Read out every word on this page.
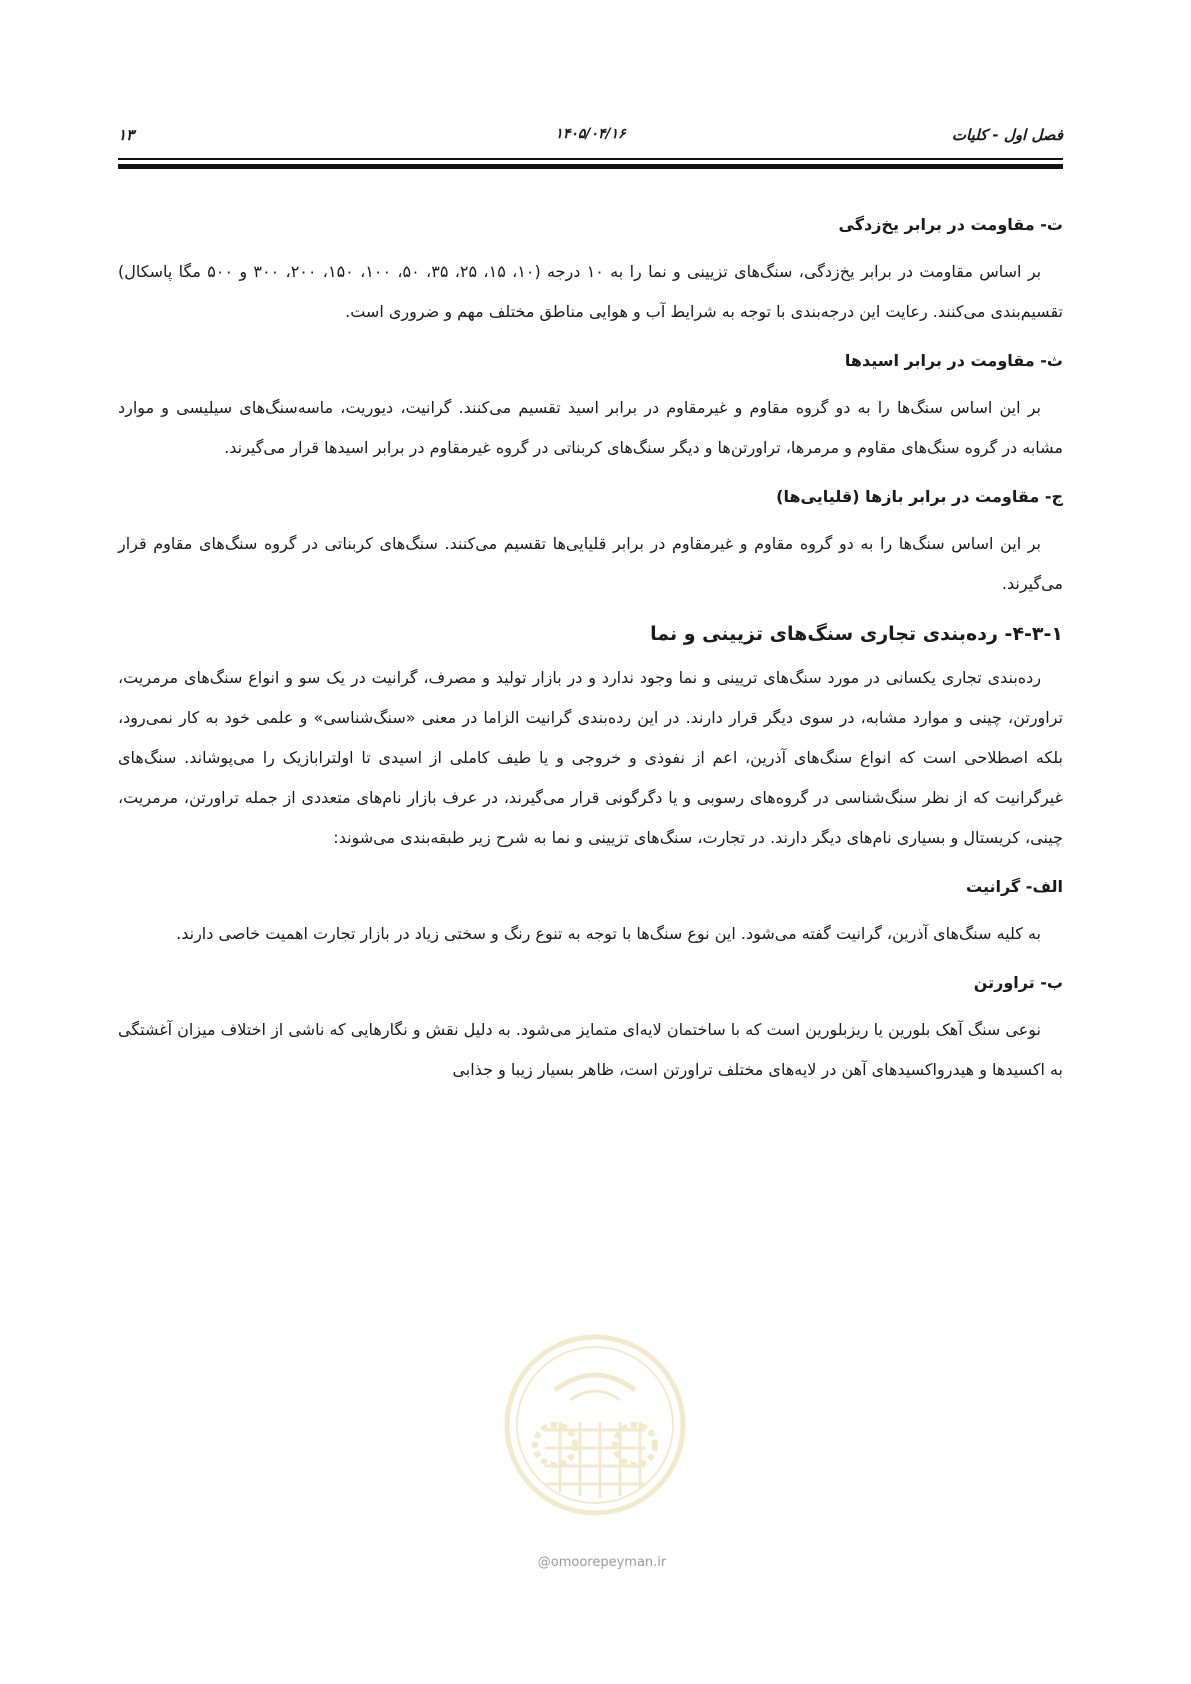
فصل اول - کلیات
۱۴۰۵/۰۴/۱۶
۱۳
ت- مقاومت در برابر یخ‌زدگی

بر اساس مقاومت در برابر یخ‌زدگی، سنگ‌های تزیینی و نما را به ۱۰ درجه (۱۰، ۱۵، ۲۵، ۳۵، ۵۰، ۱۰۰، ۱۵۰، ۲۰۰، ۳۰۰ و ۵۰۰ مگا پاسکال) تقسیم‌بندی می‌کنند. رعایت این درجه‌بندی با توجه به شرایط آب و هوایی مناطق مختلف مهم و ضروری است.

ث- مقاومت در برابر اسیدها

بر این اساس سنگ‌ها را به دو گروه مقاوم و غیرمقاوم در برابر اسید تقسیم می‌کنند. گرانیت، دیوریت، ماسه‌سنگ‌های سیلیسی و موارد مشابه در گروه سنگ‌های مقاوم و مرمرها، تراورتن‌ها و دیگر سنگ‌های کربناتی در گروه غیرمقاوم در برابر اسیدها قرار می‌گیرند.

ج- مقاومت در برابر بازها (قلیایی‌ها)

بر این اساس سنگ‌ها را به دو گروه مقاوم و غیرمقاوم در برابر قلیایی‌ها تقسیم می‌کنند. سنگ‌های کربناتی در گروه سنگ‌های مقاوم قرار می‌گیرند.

۴-۳-۱- رده‌بندی تجاری سنگ‌های تزیینی و نما

رده‌بندی تجاری یکسانی در مورد سنگ‌های تریینی و نما وجود ندارد و در بازار تولید و مصرف، گرانیت در یک سو و انواع سنگ‌های مرمریت، تراورتن، چینی و موارد مشابه، در سوی دیگر قرار دارند. در این رده‌بندی گرانیت الزاما در معنی «سنگ‌شناسی» و علمی خود به کار نمی‌رود، بلکه اصطلاحی است که انواع سنگ‌های آذرین، اعم از نفوذی و خروجی و یا طیف کاملی از اسیدی تا اولترابازیک را می‌پوشاند. سنگ‌های غیرگرانیت که از نظر سنگ‌شناسی در گروه‌های رسوبی و یا دگرگونی قرار می‌گیرند، در عرف بازار نام‌های متعددی از جمله تراورتن، مرمریت، چینی، کریستال و بسیاری نام‌های دیگر دارند. در تجارت، سنگ‌های تزیینی و نما به شرح زیر طبقه‌بندی می‌شوند:

الف- گرانیت

به کلیه سنگ‌های آذرین، گرانیت گفته می‌شود. این نوع سنگ‌ها با توجه به تنوع رنگ و سختی زیاد در بازار تجارت اهمیت خاصی دارند.

ب- تراورتن

نوعی سنگ آهک بلورین یا ریزبلورین است که با ساختمان لایه‌ای متمایز می‌شود. به دلیل نقش و نگارهایی که ناشی از اختلاف میزان آغشتگی به اکسیدها و هیدرواکسیدهای آهن در لایه‌های مختلف تراورتن است، ظاهر بسیار زیبا و جذابی

@omoorepeyman.ir
